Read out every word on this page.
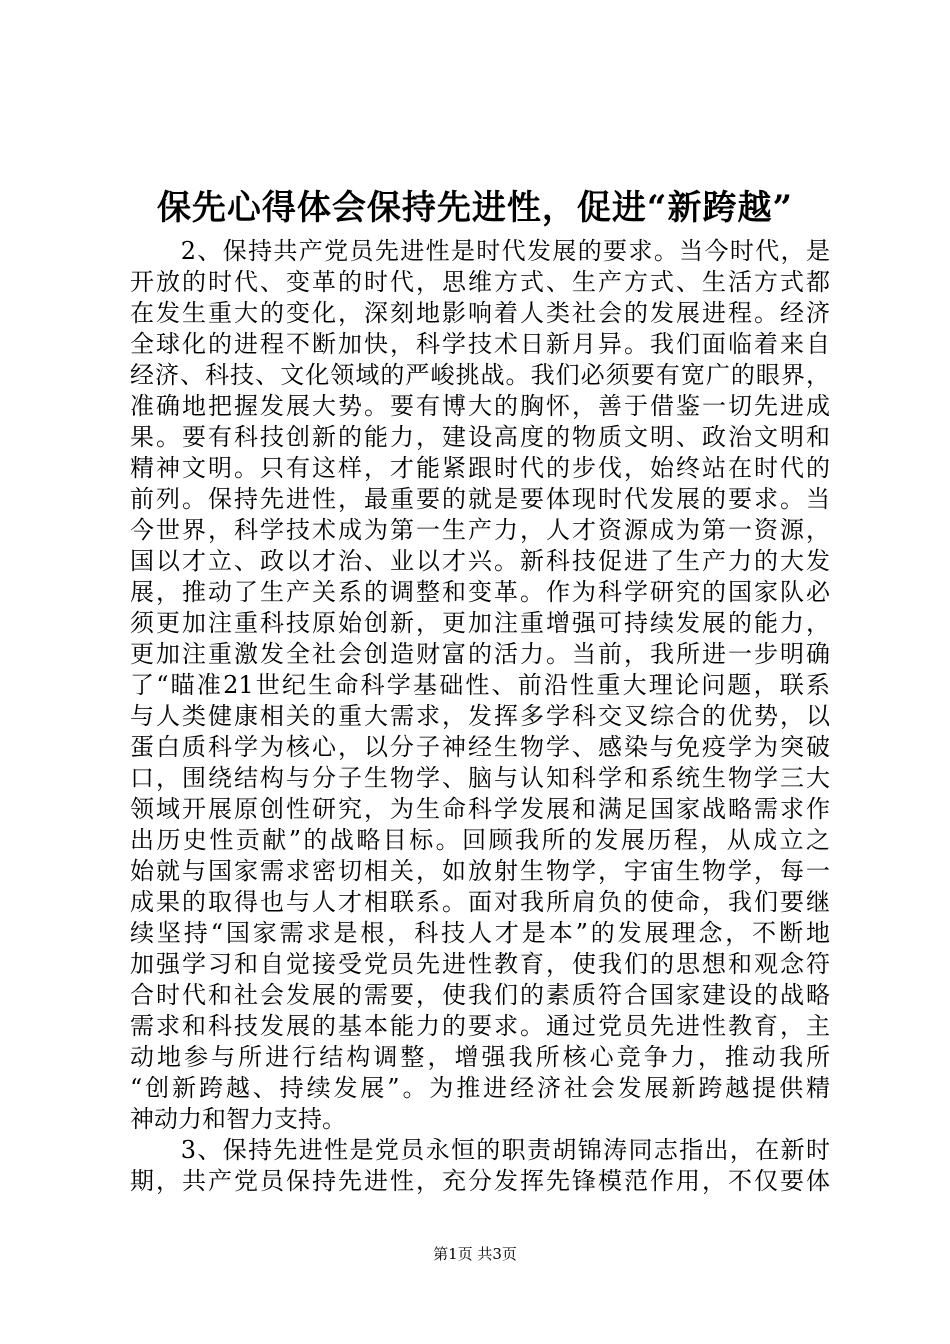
保先心得体会保持先进性，促进“新跨越”
　　2、保持共产党员先进性是时代发展的要求。当今时代，是
开放的时代、变革的时代，思维方式、生产方式、生活方式都
在发生重大的变化，深刻地影响着人类社会的发展进程。经济
全球化的进程不断加快，科学技术日新月异。我们面临着来自
经济、科技、文化领域的严峻挑战。我们必须要有宽广的眼界，
准确地把握发展大势。要有博大的胸怀，善于借鉴一切先进成
果。要有科技创新的能力，建设高度的物质文明、政治文明和
精神文明。只有这样，才能紧跟时代的步伐，始终站在时代的
前列。保持先进性，最重要的就是要体现时代发展的要求。当
今世界，科学技术成为第一生产力，人才资源成为第一资源，
国以才立、政以才治、业以才兴。新科技促进了生产力的大发
展，推动了生产关系的调整和变革。作为科学研究的国家队必
须更加注重科技原始创新，更加注重增强可持续发展的能力，
更加注重激发全社会创造财富的活力。当前，我所进一步明确
了“瞄准21世纪生命科学基础性、前沿性重大理论问题，联系
与人类健康相关的重大需求，发挥多学科交叉综合的优势，以
蛋白质科学为核心，以分子神经生物学、感染与免疫学为突破
口，围绕结构与分子生物学、脑与认知科学和系统生物学三大
领域开展原创性研究，为生命科学发展和满足国家战略需求作
出历史性贡献”的战略目标。回顾我所的发展历程，从成立之
始就与国家需求密切相关，如放射生物学，宇宙生物学，每一
成果的取得也与人才相联系。面对我所肩负的使命，我们要继
续坚持“国家需求是根，科技人才是本”的发展理念，不断地
加强学习和自觉接受党员先进性教育，使我们的思想和观念符
合时代和社会发展的需要，使我们的素质符合国家建设的战略
需求和科技发展的基本能力的要求。通过党员先进性教育，主
动地参与所进行结构调整，增强我所核心竞争力，推动我所
“创新跨越、持续发展”。为推进经济社会发展新跨越提供精
神动力和智力支持。
　　3、保持先进性是党员永恒的职责胡锦涛同志指出，在新时
期，共产党员保持先进性，充分发挥先锋模范作用，不仅要体
第1页 共3页
